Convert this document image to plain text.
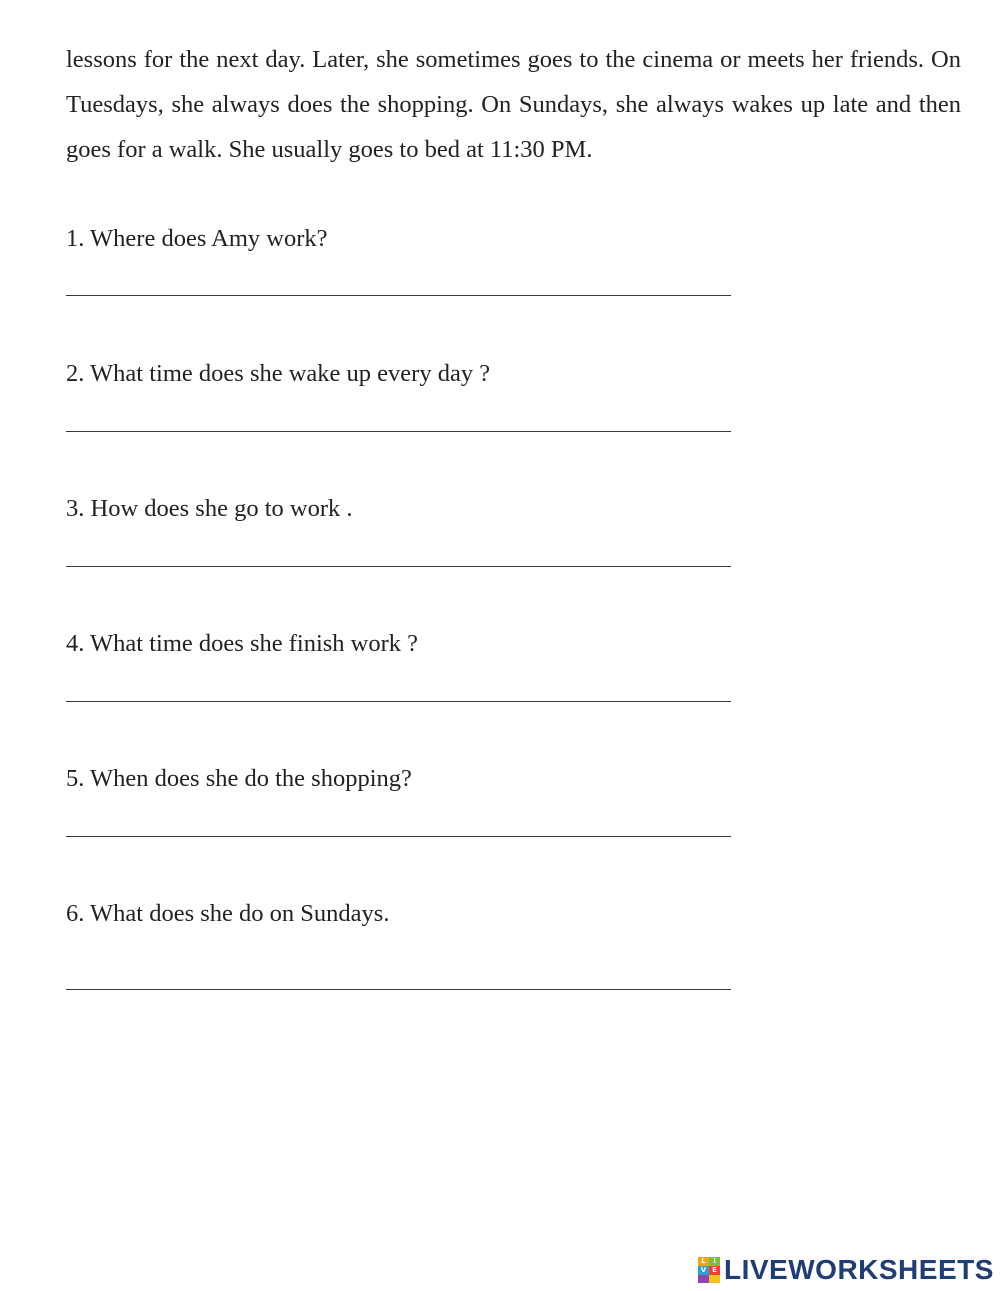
lessons for the next day. Later, she sometimes goes to the cinema or meets her friends. On Tuesdays, she always does the shopping. On Sundays, she always wakes up late and then goes for a walk. She usually goes to bed at 11:30 PM.

1. Where does Amy work?

2. What time does she wake up every day ?

3. How does she go to work .

4. What time does she finish work ?

5. When does she do the shopping?

6. What does she do on Sundays.

L	I
V E LIVEWORKSHEETS
